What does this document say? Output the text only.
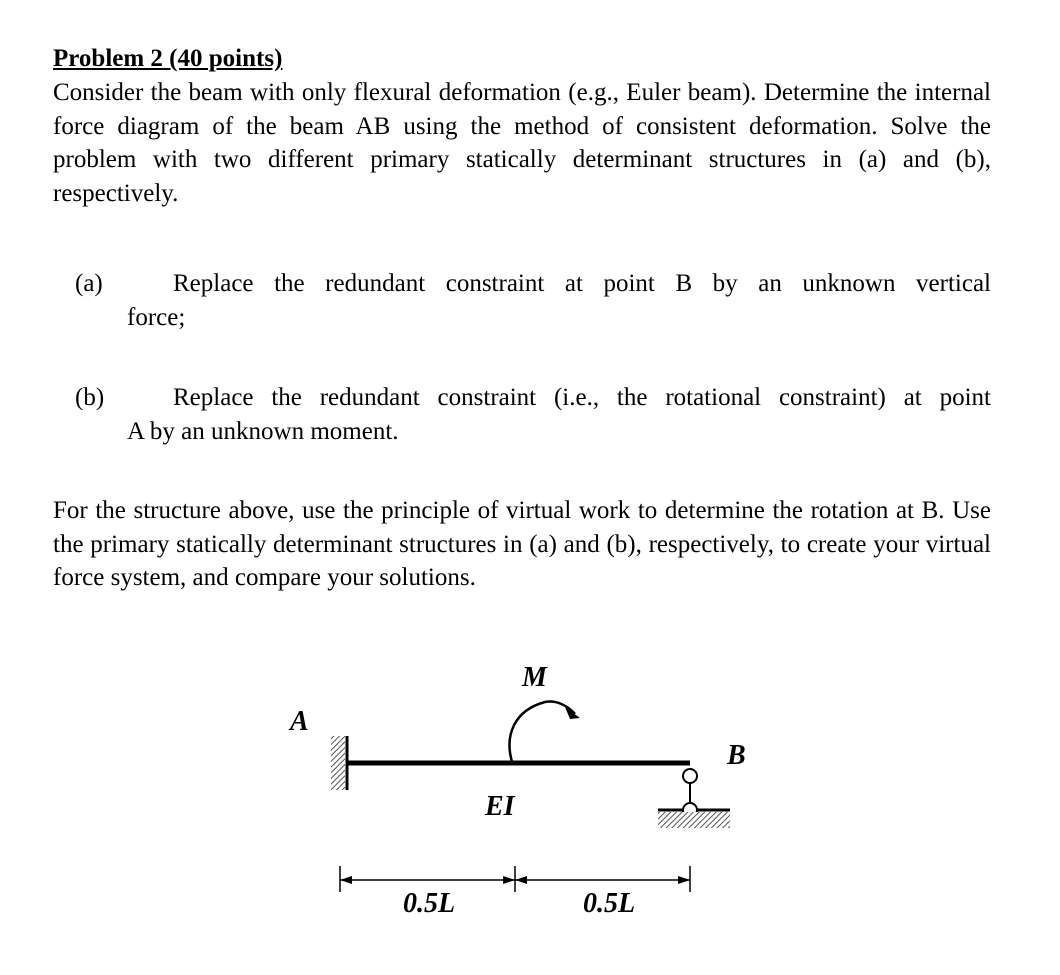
Problem 2 (40 points)

Consider the beam with only flexural deformation (e.g., Euler beam). Determine the internal force diagram of the beam AB using the method of consistent deformation. Solve the problem with two different primary statically determinant structures in (a) and (b), respectively.

(a)	Replace the redundant constraint at point B by an unknown vertical
force;
(b)	Replace the redundant constraint (i.e., the rotational constraint) at point
A by an unknown moment.

For the structure above, use the principle of virtual work to determine the rotation at B. Use the primary statically determinant structures in (a) and (b), respectively, to create your virtual force system, and compare your solutions.

A
B
M
EI
0.5L	0.5L
